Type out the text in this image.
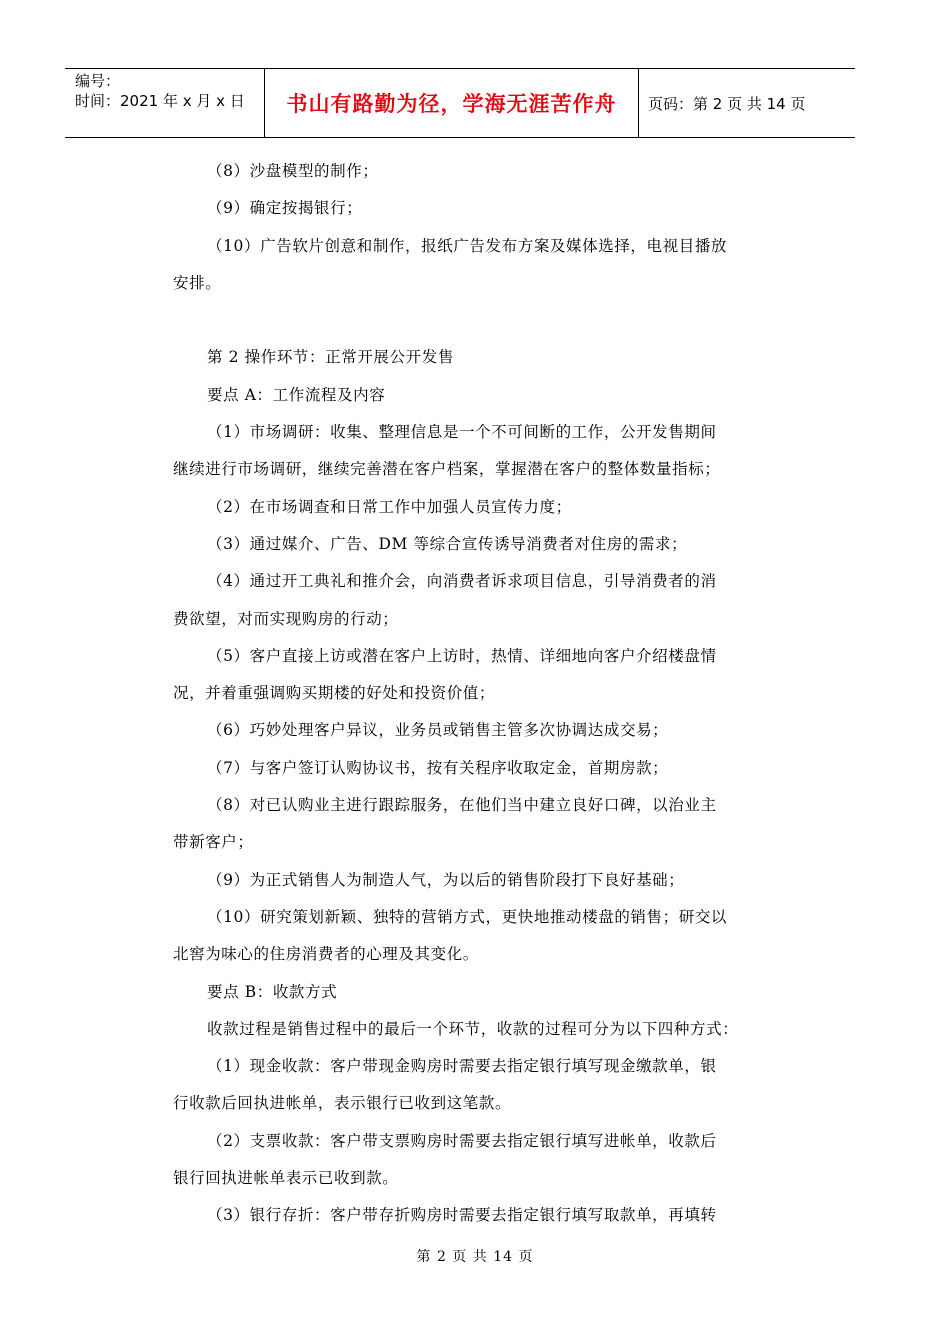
编号：
时间：2021 年 x 月 x 日	书山有路勤为径，学海无涯苦作舟 页码：第 2 页 共 14 页
（8）沙盘模型的制作；
（9）确定按揭银行；
（10）广告软片创意和制作，报纸广告发布方案及媒体选择，电视目播放
安排。
第 2 操作环节：正常开展公开发售
要点 A：工作流程及内容
（1）市场调研：收集、整理信息是一个不可间断的工作，公开发售期间
继续进行市场调研，继续完善潜在客户档案，掌握潜在客户的整体数量指标；
（2）在市场调查和日常工作中加强人员宣传力度；
（3）通过媒介、广告、DM 等综合宣传诱导消费者对住房的需求；
（4）通过开工典礼和推介会，向消费者诉求项目信息，引导消费者的消
费欲望，对而实现购房的行动；
（5）客户直接上访或潜在客户上访时，热情、详细地向客户介绍楼盘情
况，并着重强调购买期楼的好处和投资价值；
（6）巧妙处理客户异议，业务员或销售主管多次协调达成交易；
（7）与客户签订认购协议书，按有关程序收取定金，首期房款；
（8）对已认购业主进行跟踪服务，在他们当中建立良好口碑，以治业主
带新客户；
（9）为正式销售人为制造人气，为以后的销售阶段打下良好基础；
（10）研究策划新颖、独特的营销方式，更快地推动楼盘的销售；研交以
北窖为味心的住房消费者的心理及其变化。
要点 B：收款方式
收款过程是销售过程中的最后一个环节，收款的过程可分为以下四种方式：
（1）现金收款：客户带现金购房时需要去指定银行填写现金缴款单，银
行收款后回执进帐单，表示银行已收到这笔款。
（2）支票收款：客户带支票购房时需要去指定银行填写进帐单，收款后
银行回执进帐单表示已收到款。
（3）银行存折：客户带存折购房时需要去指定银行填写取款单，再填转
第 2 页 共 14 页
